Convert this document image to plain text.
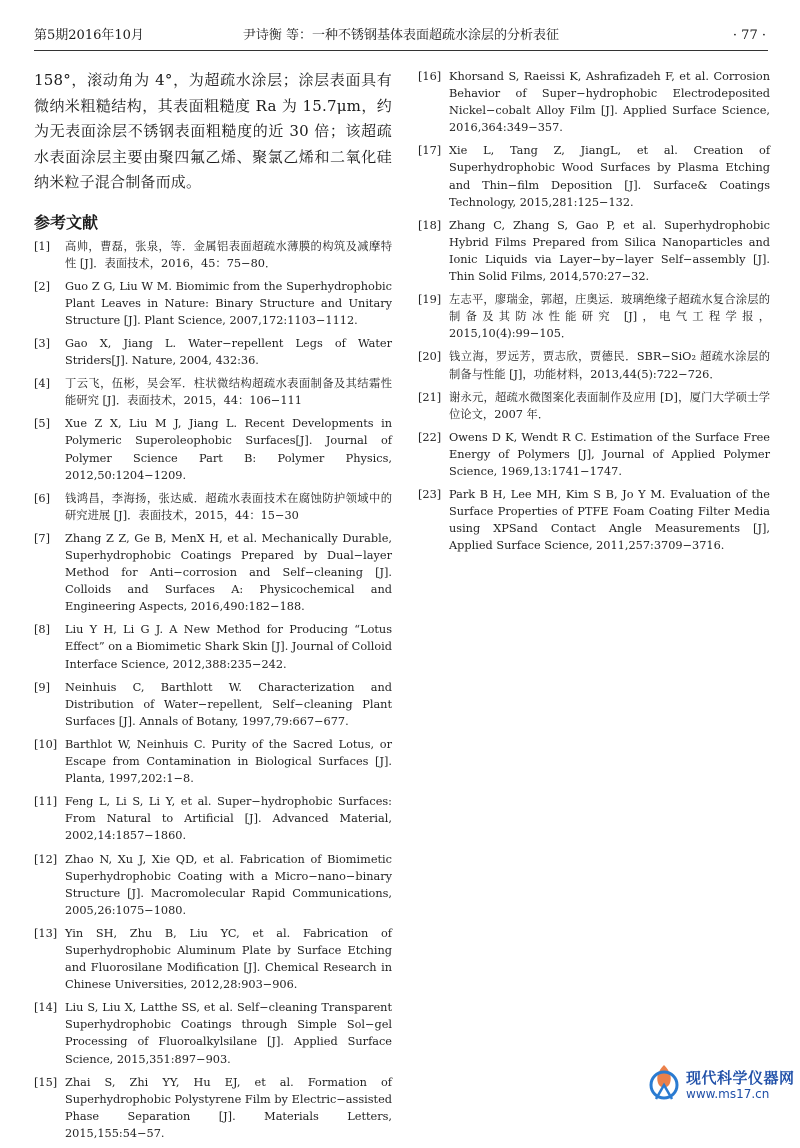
第5期2016年10月	尹诗衡 等：一种不锈钢基体表面超疏水涂层的分析表征	· 77 ·

158°，滚动角为 4°，为超疏水涂层；涂层表面具有微纳米粗糙结构，其表面粗糙度 Ra 为 15.7μm，约为无表面涂层不锈钢表面粗糙度的近 30 倍；该超疏水表面涂层主要由聚四氟乙烯、聚氯乙烯和二氧化硅纳米粒子混合制备而成。

参考文献
[1] 高帅，曹磊，张泉，等．金属铝表面超疏水薄膜的构筑及减摩特性 [J]．表面技术，2016，45：75−80．
[2] Guo Z G, Liu W M. Biomimic from the Superhydrophobic Plant Leaves in Nature: Binary Structure and Unitary Structure [J]. Plant Science, 2007,172:1103−1112.
[3] Gao X, Jiang L. Water−repellent Legs of Water Striders[J]. Nature, 2004, 432:36.
[4] 丁云飞，伍彬，吴会军．柱状微结构超疏水表面制备及其结霜性能研究 [J]．表面技术，2015，44：106−111
[5] Xue Z X, Liu M J, Jiang L. Recent Developments in Polymeric Superoleophobic Surfaces[J]. Journal of Polymer Science Part B: Polymer Physics, 2012,50:1204−1209.
[6] 钱鸿昌，李海扬，张达威．超疏水表面技术在腐蚀防护领域中的研究进展 [J]．表面技术，2015，44：15−30
[7] Zhang Z Z, Ge B, MenX H, et al. Mechanically Durable, Superhydrophobic Coatings Prepared by Dual−layer Method for Anti−corrosion and Self−cleaning [J]. Colloids and Surfaces A: Physicochemical and Engineering Aspects, 2016,490:182−188.
[8] Liu Y H, Li G J. A New Method for Producing “Lotus Effect” on a Biomimetic Shark Skin [J]. Journal of Colloid Interface Science, 2012,388:235−242.
[9] Neinhuis C, Barthlott W. Characterization and Distribution of Water−repellent, Self−cleaning Plant Surfaces [J]. Annals of Botany, 1997,79:667−677.
[10] Barthlot W, Neinhuis C. Purity of the Sacred Lotus, or Escape from Contamination in Biological Surfaces [J]. Planta, 1997,202:1−8.
[11] Feng L, Li S, Li Y, et al. Super−hydrophobic Surfaces: From Natural to Artificial [J]. Advanced Material, 2002,14:1857−1860.
[12] Zhao N, Xu J, Xie QD, et al. Fabrication of Biomimetic Superhydrophobic Coating with a Micro−nano−binary Structure [J]. Macromolecular Rapid Communications, 2005,26:1075−1080.
[13] Yin SH, Zhu B, Liu YC, et al. Fabrication of Superhydrophobic Aluminum Plate by Surface Etching and Fluorosilane Modification [J]. Chemical Research in Chinese Universities, 2012,28:903−906.
[14] Liu S, Liu X, Latthe SS, et al. Self−cleaning Transparent Superhydrophobic Coatings through Simple Sol−gel Processing of Fluoroalkylsilane [J]. Applied Surface Science, 2015,351:897−903.
[15] Zhai S, Zhi YY, Hu EJ, et al. Formation of Superhydrophobic Polystyrene Film by Electric−assisted Phase Separation [J]. Materials Letters, 2015,155:54−57.
[16] Khorsand S, Raeissi K, Ashrafizadeh F, et al. Corrosion Behavior of Super−hydrophobic Electrodeposited Nickel−cobalt Alloy Film [J]. Applied Surface Science, 2016,364:349−357.
[17] Xie L, Tang Z, JiangL, et al. Creation of Superhydrophobic Wood Surfaces by Plasma Etching and Thin−film Deposition [J]. Surface& Coatings Technology, 2015,281:125−132.
[18] Zhang C, Zhang S, Gao P, et al. Superhydrophobic Hybrid Films Prepared from Silica Nanoparticles and Ionic Liquids via Layer−by−layer Self−assembly [J]. Thin Solid Films, 2014,570:27−32.
[19] 左志平，廖瑞金，郭超，庄奥运．玻璃绝缘子超疏水复合涂层的制备及其防冰性能研究 [J]，电气工程学报，2015,10(4):99−105．
[20] 钱立海，罗远芳，贾志欣，贾德民．SBR−SiO₂ 超疏水涂层的制备与性能 [J]，功能材料，2013,44(5):722−726．
[21] 谢永元，超疏水微图案化表面制作及应用 [D]，厦门大学硕士学位论文，2007 年．
[22] Owens D K, Wendt R C. Estimation of the Surface Free Energy of Polymers [J], Journal of Applied Polymer Science, 1969,13:1741−1747.
[23] Park B H, Lee MH, Kim S B, Jo Y M. Evaluation of the Surface Properties of PTFE Foam Coating Filter Media using XPSand Contact Angle Measurements [J], Applied Surface Science, 2011,257:3709−3716.
现代科学仪器网
www.ms17.cn
